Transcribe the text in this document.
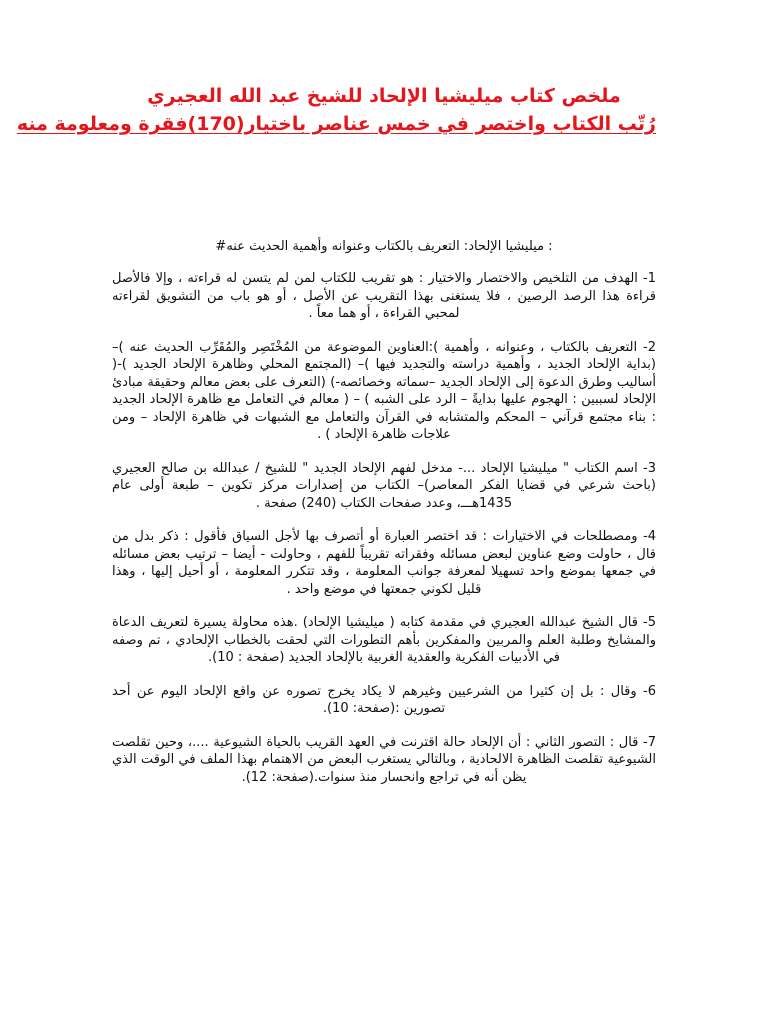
ملخص كتاب ميليشيا الإلحاد للشيخ عبد الله العجيري
رُتّب الكتاب واختصر في خمس عناصر باختيار(170)فقرة ومعلومة منه

: ميليشيا الإلحاد: التعريف بالكتاب وعنوانه وأهمية الحديث عنه#

1- الهدف من التلخيص والاختصار والاختيار : هو تقريب للكتاب لمن لم يتسن له قراءته ، وإلا فالأصل قراءة هذا الرصد الرصين ، فلا يستغنى بهذا التقريب عن الأصل ، أو هو باب من التشويق لقراءته لمحبي القراءة ، أو هما معاً .

2- التعريف بالكتاب ، وعنوانه ، وأهمية ):العناوين الموضوعة من المُخْتَصِر والمُقَرِّب الحديث عنه )– (بداية الإلحاد الجديد ، وأهمية دراسته والتجديد فيها )– (المجتمع المحلي وظاهرة الإلحاد الجديد )-( أساليب وطرق الدعوة إلى الإلحاد الجديد –سماته وخصائصه-) (التعرف على بعض معالم وحقيقة مبادئ الإلحاد لسببين : الهجوم عليها بدايةً – الرد على الشبه ) – ( معالم في التعامل مع ظاهرة الإلحاد الجديد : بناء مجتمع قرآني – المحكم والمتشابه في القرآن والتعامل مع الشبهات في ظاهرة الإلحاد – ومن علاجات ظاهرة الإلحاد ) .

3- اسم الكتاب " ميليشيا الإلحاد ...- مدخل لفهم الإلحاد الجديد " للشيخ / عبدالله بن صالح العجيري (باحث شرعي في قضايا الفكر المعاصر)– الكتاب من إصدارات مركز تكوين – طبعة أولى عام 1435هـــ، وعدد صفحات الكتاب (240) صفحة .

4- ومصطلحات في الاختيارات : قد اختصر العبارة أو أتصرف بها لأجل السياق فأقول : ذكر بدل من قال ، حاولت وضع عناوين لبعض مسائله وفقراته تقريباً للفهم ، وحاولت - أيضا – ترتيب بعض مسائله في جمعها بموضع واحد تسهيلا لمعرفة جوانب المعلومة ، وقد تتكرر المعلومة ، أو أحيل إليها ، وهذا قليل لكوني جمعتها في موضع واحد .

5- قال الشيخ عبدالله العجيري في مقدمة كتابه ( ميليشيا الإلحاد) .هذه محاولة يسيرة لتعريف الدعاة والمشايخ وطلبة العلم والمربين والمفكرين بأهم التطورات التي لحقت بالخطاب الإلحادي ، تم وصفه في الأدبيات الفكرية والعقدية الغربية بالإلحاد الجديد (صفحة : 10).

6- وقال : بل إن كثيرا من الشرعيين وغيرهم لا يكاد يخرج تصوره عن واقع الإلحاد اليوم عن أحد تصورين :(صفحة: 10).

7- قال : التصور الثاني : أن الإلحاد حالة اقترنت في العهد القريب بالحياة الشيوعية ....، وحين تقلصت الشيوعية تقلصت الظاهرة الالحادية ، وبالتالي يستغرب البعض من الاهتمام بهذا الملف في الوقت الذي يظن أنه في تراجع وانحسار منذ سنوات.(صفحة: 12).
